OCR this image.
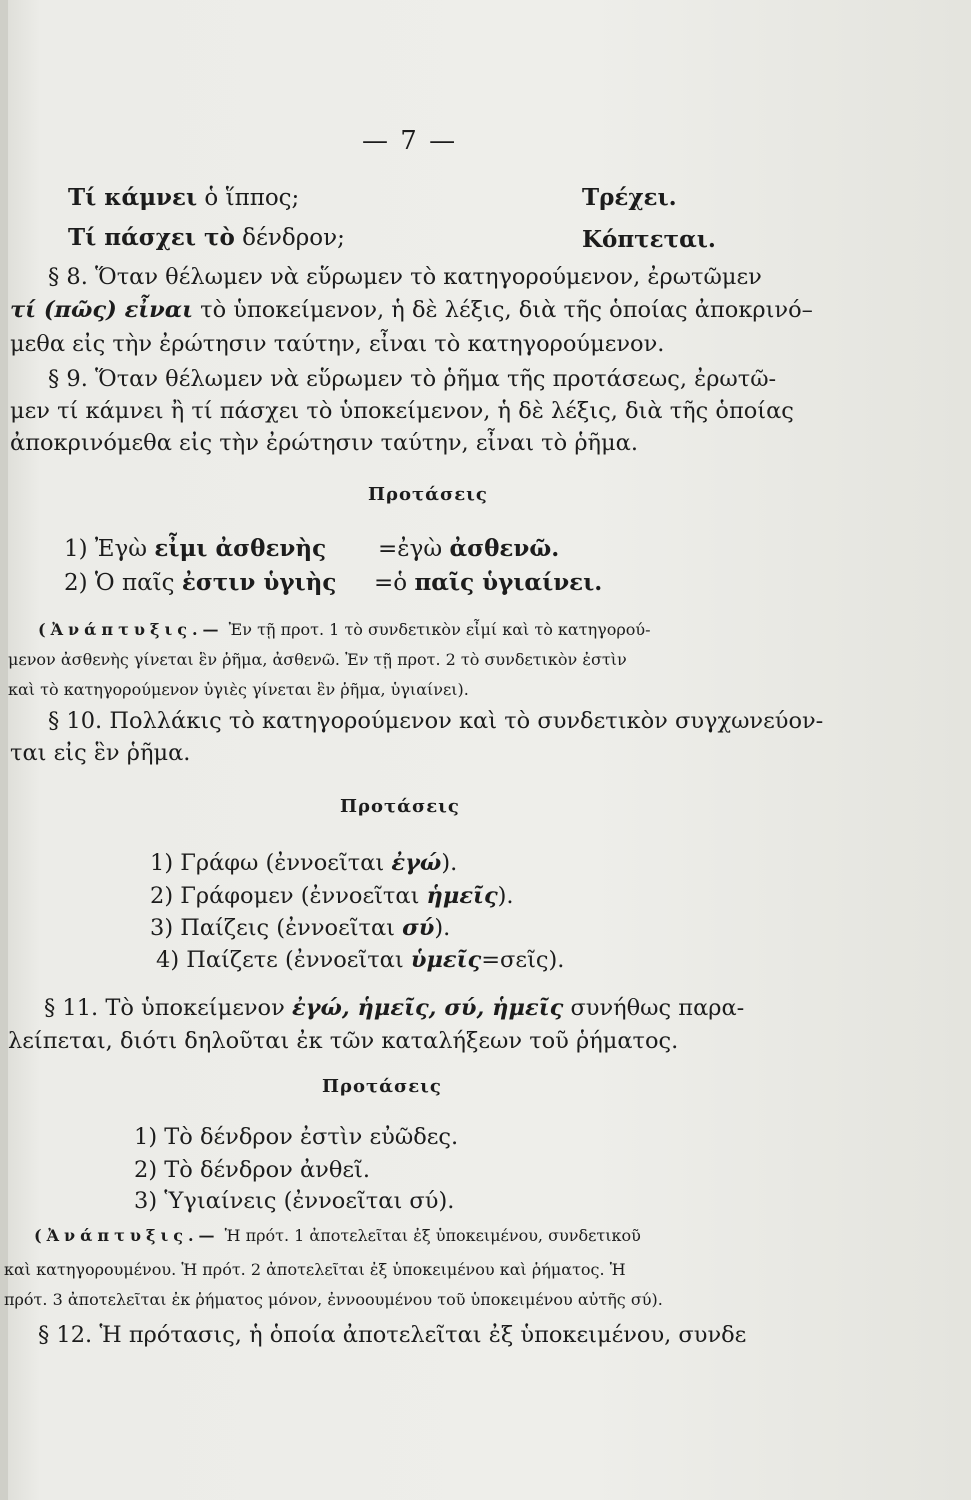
— 7 —
Τί κάμνει ὁ ἵππος;	Τρέχει.
Τί πάσχει τὸ δένδρον;	Κόπτεται.
§ 8. Ὅταν θέλωμεν νὰ εὕρωμεν τὸ κατηγορούμενον, ἐρωτῶμεν
τί (πῶς) εἶναι τὸ ὑποκείμενον, ἡ δὲ λέξις, διὰ τῆς ὁποίας ἀποκρινό–
μεθα εἰς τὴν ἐρώτησιν ταύτην, εἶναι τὸ κατηγορούμενον.
§ 9. Ὅταν θέλωμεν νὰ εὕρωμεν τὸ ῥῆμα τῆς προτάσεως, ἐρωτῶ-
μεν τί κάμνει ἢ τί πάσχει τὸ ὑποκείμενον, ἡ δὲ λέξις, διὰ τῆς ὁποίας
ἀποκρινόμεθα εἰς τὴν ἐρώτησιν ταύτην, εἶναι τὸ ῥῆμα.
Προτάσεις
1) Ἐγὼ εἶμι ἀσθενὴς =ἐγὼ ἀσθενῶ.
2) Ὁ παῖς ἐστιν ὑγιὴς =ὁ παῖς ὑγιαίνει.
(Ἀνάπτυξις.— Ἐν τῇ προτ. 1 τὸ συνδετικὸν εἶμί καὶ τὸ κατηγορού-
μενον ἀσθενὴς γίνεται ἓν ῥῆμα, ἀσθενῶ. Ἐν τῇ προτ. 2 τὸ συνδετικὸν ἐστὶν
καὶ τὸ κατηγορούμενον ὑγιὲς γίνεται ἓν ῥῆμα, ὑγιαίνει).
§ 10. Πολλάκις τὸ κατηγορούμενον καὶ τὸ συνδετικὸν συγχωνεύον-
ται εἰς ἓν ῥῆμα.
Προτάσεις
1) Γράφω (ἐννοεῖται ἐγώ).
2) Γράφομεν (ἐννοεῖται ἡμεῖς).
3) Παίζεις (ἐννοεῖται σύ).
4) Παίζετε (ἐννοεῖται ὑμεῖς=σεῖς).
§ 11. Τὸ ὑποκείμενον ἐγώ, ἡμεῖς, σύ, ἡμεῖς συνήθως παρα-
λείπεται, διότι δηλοῦται ἐκ τῶν καταλήξεων τοῦ ῥήματος.
Προτάσεις
1) Τὸ δένδρον ἐστὶν εὐῶδες.
2) Τὸ δένδρον ἀνθεῖ.
3) Ὑγιαίνεις (ἐννοεῖται σύ).
(Ἀνάπτυξις.— Ἡ πρότ. 1 ἀποτελεῖται ἐξ ὑποκειμένου, συνδετικοῦ
καὶ κατηγορουμένου. Ἡ πρότ. 2 ἀποτελεῖται ἐξ ὑποκειμένου καὶ ῥήματος. Ἡ
πρότ. 3 ἀποτελεῖται ἐκ ῥήματος μόνον, ἐννοουμένου τοῦ ὑποκειμένου αὐτῆς σύ).
§ 12. Ἡ πρότασις, ἡ ὁποία ἀποτελεῖται ἐξ ὑποκειμένου, συνδε
